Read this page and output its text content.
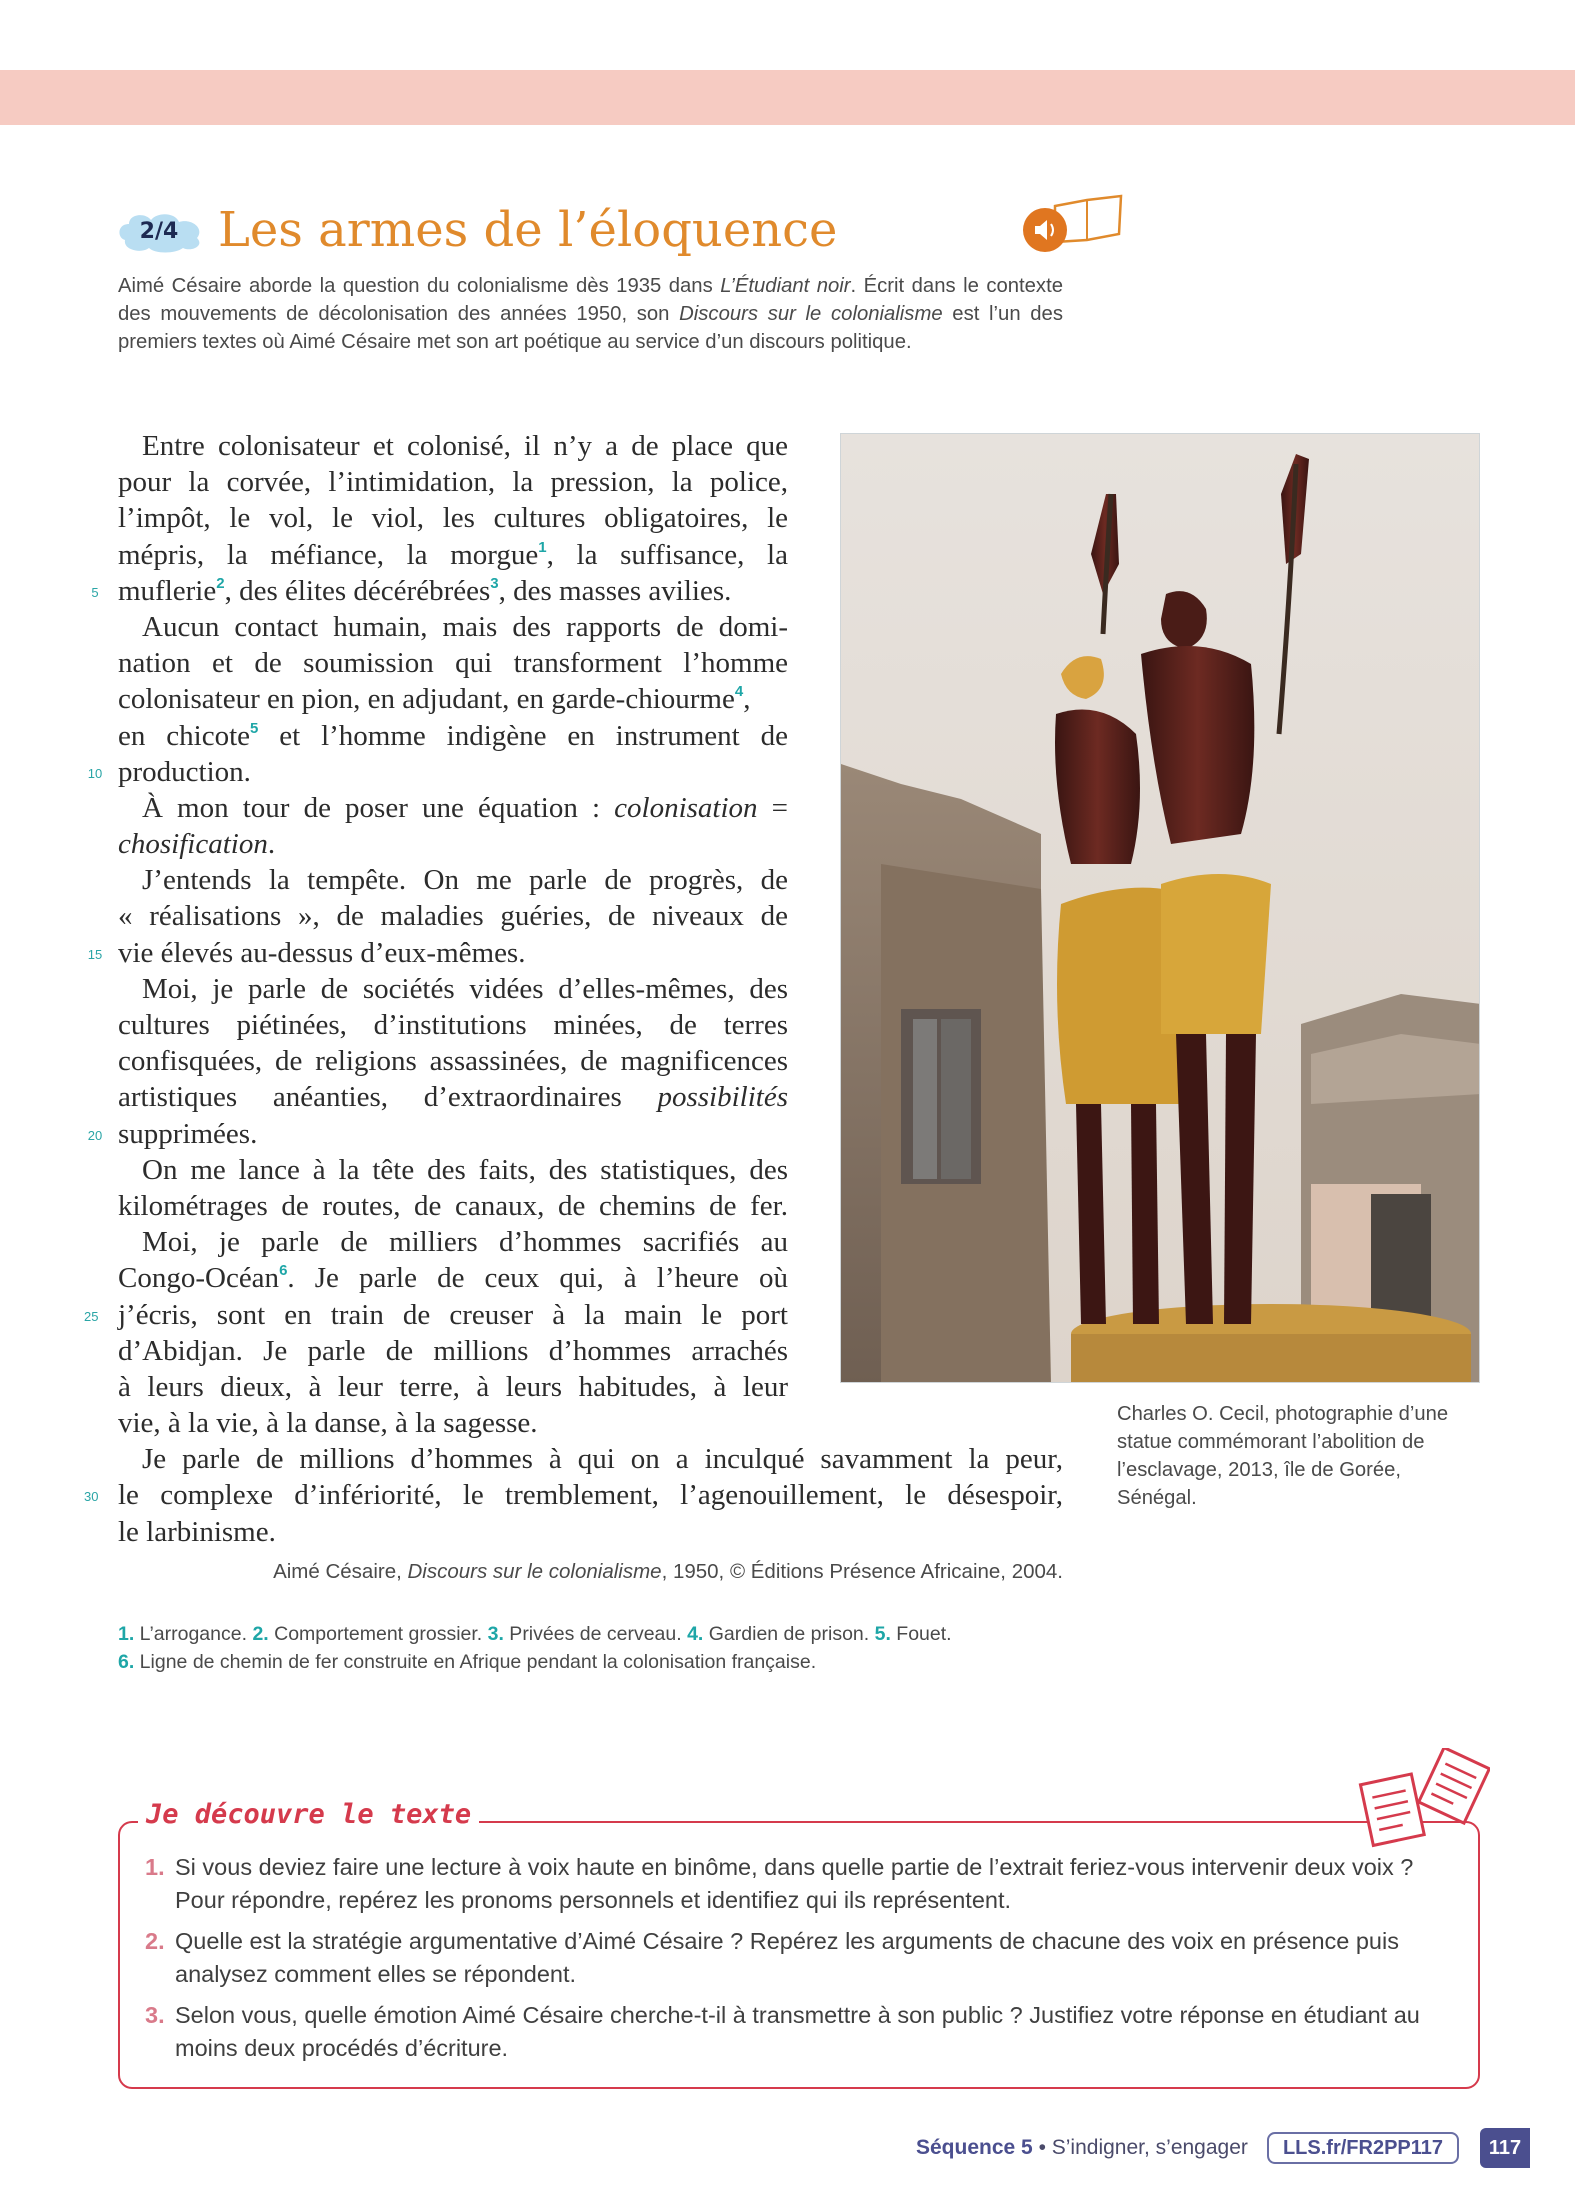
2/4 Les armes de l’éloquence

Aimé Césaire aborde la question du colonialisme dès 1935 dans L’Étudiant noir. Écrit dans le contexte des mouvements de décolonisation des années 1950, son Discours sur le colonialisme est l’un des premiers textes où Aimé Césaire met son art poétique au service d’un discours politique.

Entre colonisateur et colonisé, il n’y a de place que
pour la corvée, l’intimidation, la pression, la police,
l’impôt, le vol, le viol, les cultures obligatoires, le
mépris, la méfiance, la morgue$^1$, la suffisance, la
5 muflerie$^2$, des élites décérébrées$^3$, des masses avilies.
Aucun contact humain, mais des rapports de domi-
nation et de soumission qui transforment l’homme
colonisateur en pion, en adjudant, en garde-chiourme$^4$,
en chicote$^5$ et l’homme indigène en instrument de
10 production.
À mon tour de poser une équation : colonisation =
chosification.
J’entends la tempête. On me parle de progrès, de
« réalisations », de maladies guéries, de niveaux de
15 vie élevés au-dessus d’eux-mêmes.
Moi, je parle de sociétés vidées d’elles-mêmes, des
cultures piétinées, d’institutions minées, de terres
confisquées, de religions assassinées, de magnificences
artistiques anéanties, d’extraordinaires possibilités
20 supprimées.
On me lance à la tête des faits, des statistiques, des
kilométrages de routes, de canaux, de chemins de fer.
Moi, je parle de milliers d’hommes sacrifiés au
Congo-Océan$^6$. Je parle de ceux qui, à l’heure où
25 j’écris, sont en train de creuser à la main le port
d’Abidjan. Je parle de millions d’hommes arrachés
à leurs dieux, à leur terre, à leurs habitudes, à leur
vie, à la vie, à la danse, à la sagesse.
Je parle de millions d’hommes à qui on a inculqué savamment la peur,
30 le complexe d’infériorité, le tremblement, l’agenouillement, le désespoir,
le larbinisme.

Aimé Césaire, Discours sur le colonialisme, 1950, © Éditions Présence Africaine, 2004.

1. L’arrogance. 2. Comportement grossier. 3. Privées de cerveau. 4. Gardien de prison. 5. Fouet.
6. Ligne de chemin de fer construite en Afrique pendant la colonisation française.

Charles O. Cecil, photographie d’une statue commémorant l’abolition de l’esclavage, 2013, île de Gorée, Sénégal.

Je découvre le texte
1. Si vous deviez faire une lecture à voix haute en binôme, dans quelle partie de l’extrait feriez-vous intervenir deux voix ? Pour répondre, repérez les pronoms personnels et identifiez qui ils représentent.
2. Quelle est la stratégie argumentative d’Aimé Césaire ? Repérez les arguments de chacune des voix en présence puis analysez comment elles se répondent.
3. Selon vous, quelle émotion Aimé Césaire cherche-t-il à transmettre à son public ? Justifiez votre réponse en étudiant au moins deux procédés d’écriture.
Séquence 5 • S’indigner, s’engager	LLS.fr/FR2PP117	117
